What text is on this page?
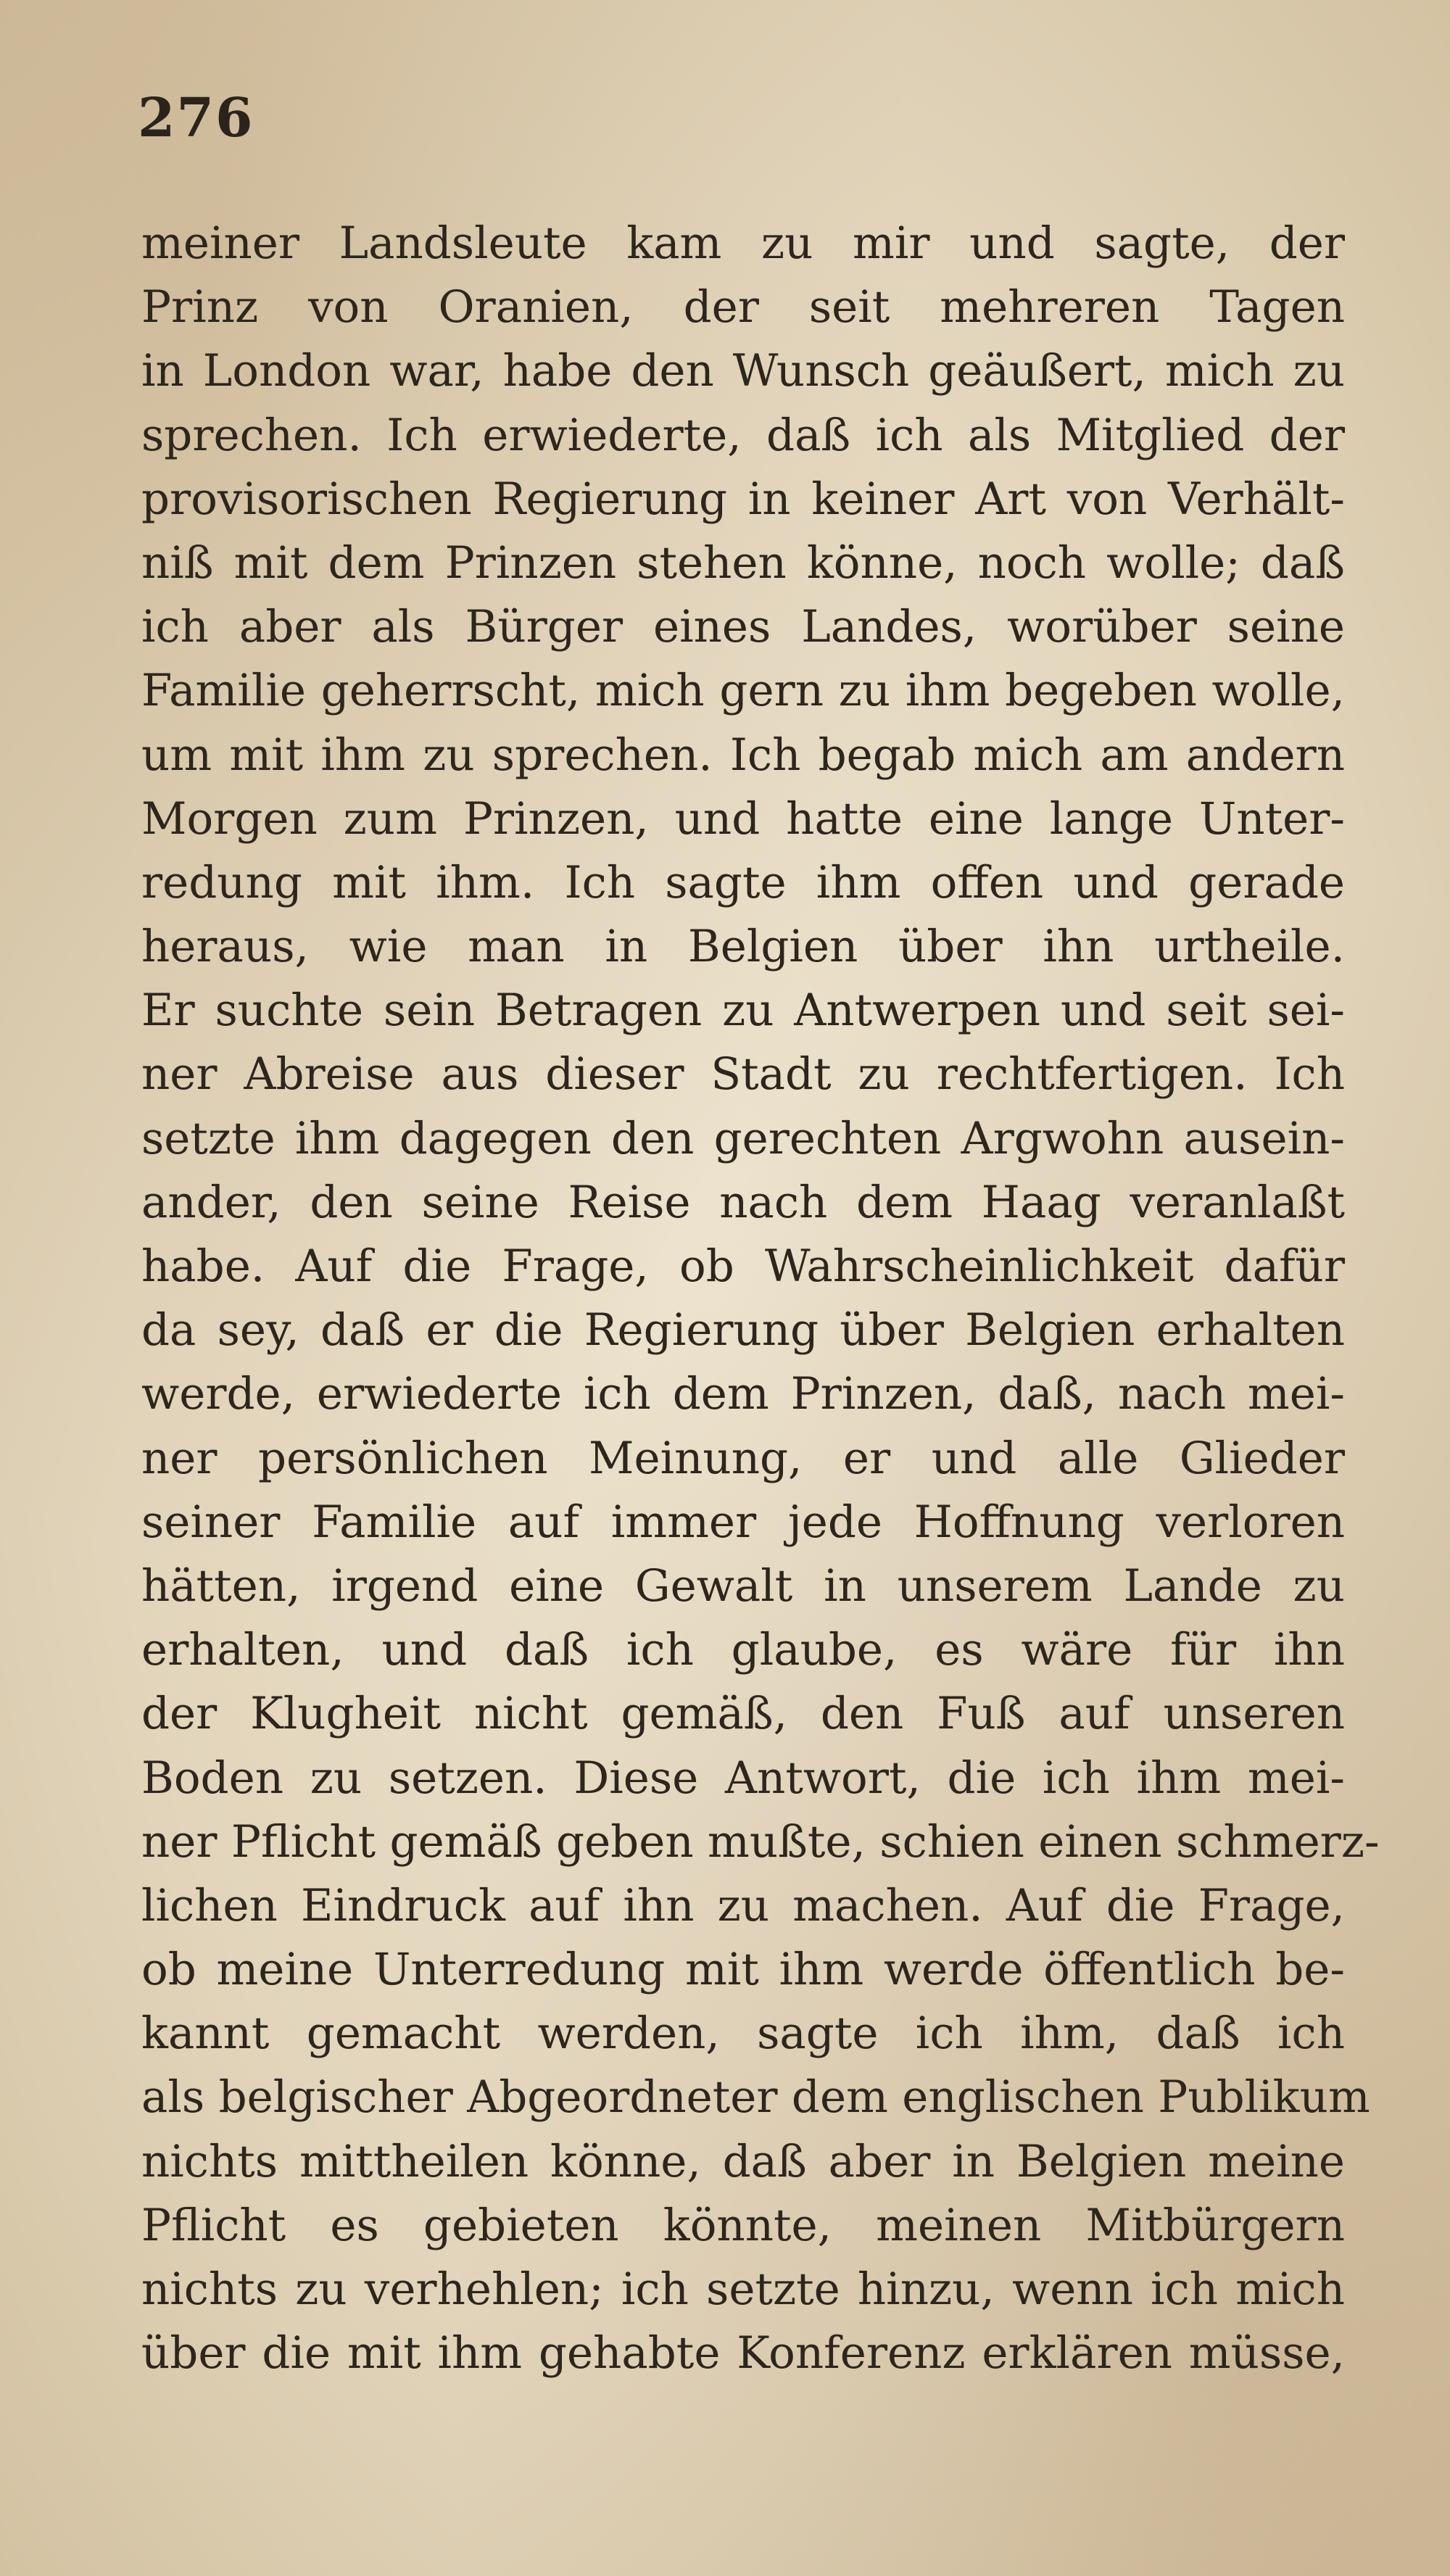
276
meiner Landsleute kam zu mir und sagte, der
Prinz von Oranien, der seit mehreren Tagen
in London war, habe den Wunsch geäußert, mich zu
sprechen. Ich erwiederte, daß ich als Mitglied der
provisorischen Regierung in keiner Art von Verhält-
niß mit dem Prinzen stehen könne, noch wolle; daß
ich aber als Bürger eines Landes, worüber seine
Familie geherrscht, mich gern zu ihm begeben wolle,
um mit ihm zu sprechen. Ich begab mich am andern
Morgen zum Prinzen, und hatte eine lange Unter-
redung mit ihm. Ich sagte ihm offen und gerade
heraus, wie man in Belgien über ihn urtheile.
Er suchte sein Betragen zu Antwerpen und seit sei-
ner Abreise aus dieser Stadt zu rechtfertigen. Ich
setzte ihm dagegen den gerechten Argwohn ausein-
ander, den seine Reise nach dem Haag veranlaßt
habe. Auf die Frage, ob Wahrscheinlichkeit dafür
da sey, daß er die Regierung über Belgien erhalten
werde, erwiederte ich dem Prinzen, daß, nach mei-
ner persönlichen Meinung, er und alle Glieder
seiner Familie auf immer jede Hoffnung verloren
hätten, irgend eine Gewalt in unserem Lande zu
erhalten, und daß ich glaube, es wäre für ihn
der Klugheit nicht gemäß, den Fuß auf unseren
Boden zu setzen. Diese Antwort, die ich ihm mei-
ner Pflicht gemäß geben mußte, schien einen schmerz-
lichen Eindruck auf ihn zu machen. Auf die Frage,
ob meine Unterredung mit ihm werde öffentlich be-
kannt gemacht werden, sagte ich ihm, daß ich
als belgischer Abgeordneter dem englischen Publikum
nichts mittheilen könne, daß aber in Belgien meine
Pflicht es gebieten könnte, meinen Mitbürgern
nichts zu verhehlen; ich setzte hinzu, wenn ich mich
über die mit ihm gehabte Konferenz erklären müsse,
